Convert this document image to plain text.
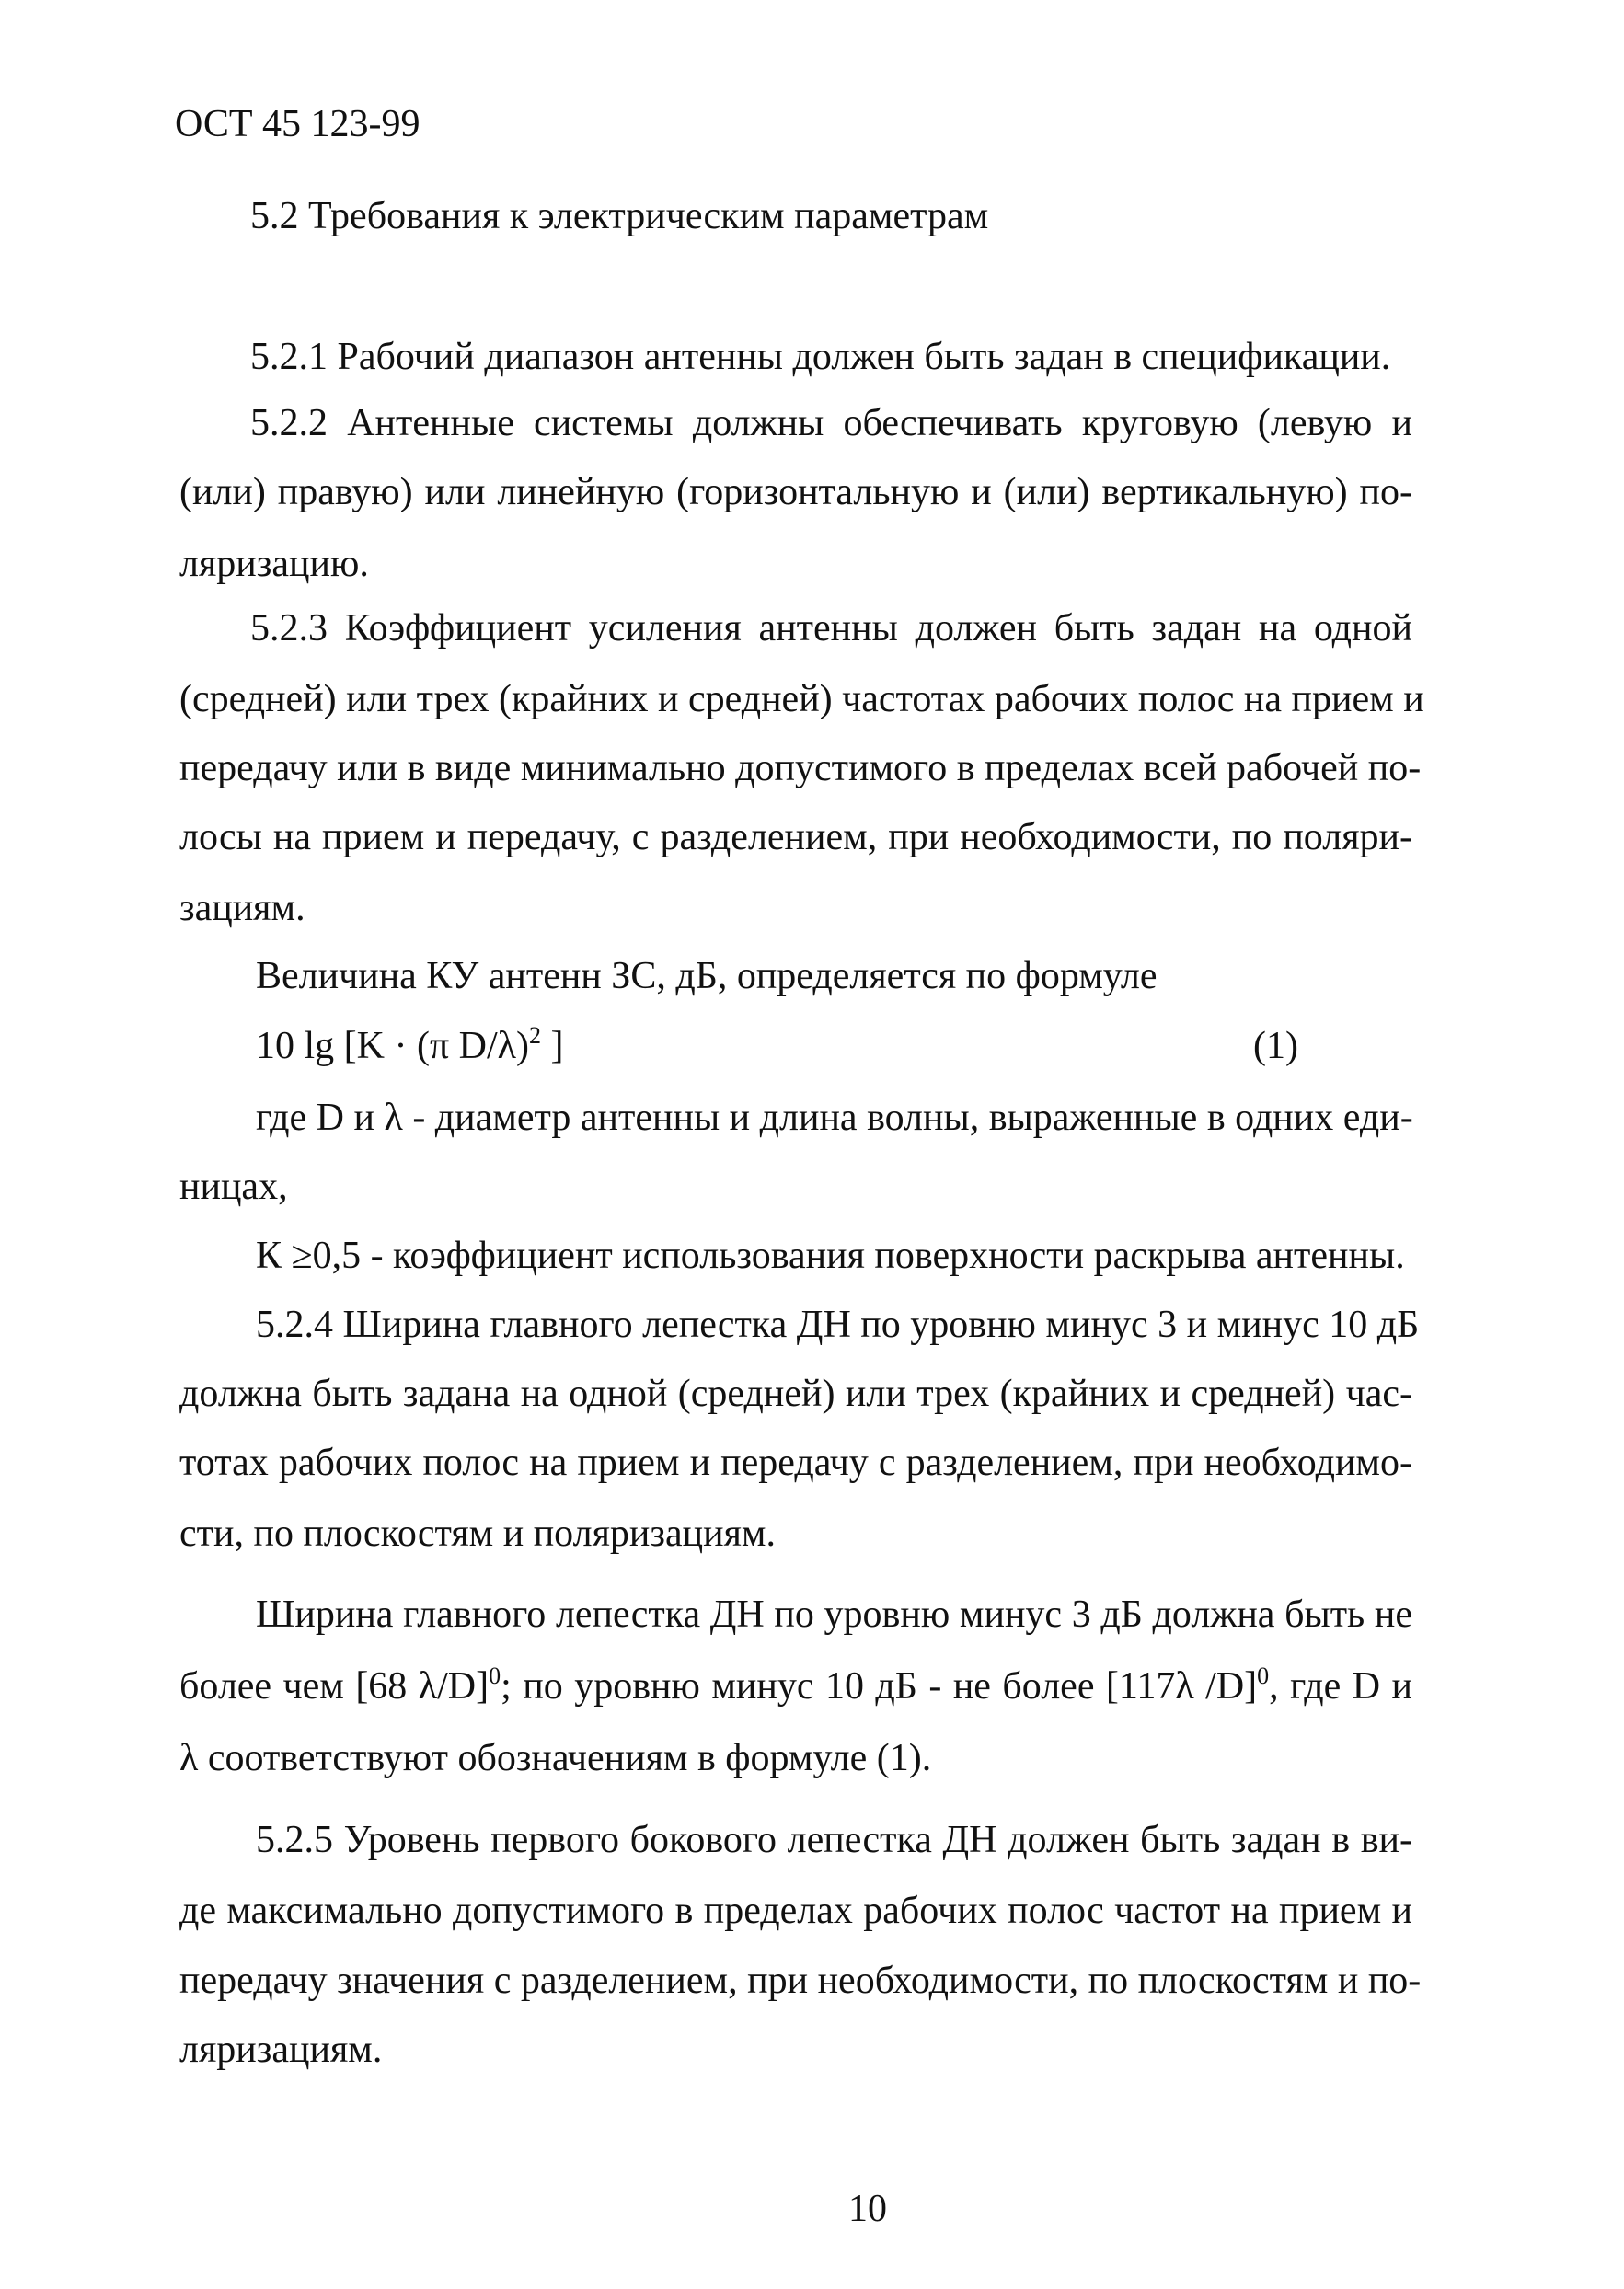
ОСТ 45 123-99
5.2 Требования к электрическим параметрам
5.2.1 Рабочий диапазон антенны должен быть задан в спецификации.
5.2.2 Антенные системы должны обеспечивать круговую (левую и
(или) правую) или линейную (горизонтальную и (или) вертикальную) по-
ляризацию.
5.2.3 Коэффициент усиления антенны должен быть задан на одной
(средней) или трех (крайних и средней) частотах рабочих полос на прием и
передачу или в виде минимально допустимого в пределах всей рабочей по-
лосы на прием и передачу, с разделением, при необходимости, по поляри-
зациям.
Величина КУ антенн ЗС, дБ, определяется по формуле
10 lg [K · (π D/λ)$^2$ ]	(1)
где D и λ - диаметр антенны и длина волны, выраженные в одних еди-
ницах,
К ≥0,5 - коэффициент использования поверхности раскрыва антенны.
5.2.4 Ширина главного лепестка ДН по уровню минус 3 и минус 10 дБ
должна быть задана на одной (средней) или трех (крайних и средней) час-
тотах рабочих полос на прием и передачу с разделением, при необходимо-
сти, по плоскостям и поляризациям.
Ширина главного лепестка ДН по уровню минус 3 дБ должна быть не
более чем [68 λ/D]$^0$; по уровню минус 10 дБ - не более [117λ /D]$^0$, где D и
λ соответствуют обозначениям в формуле (1).
5.2.5 Уровень первого бокового лепестка ДН должен быть задан в ви-
де максимально допустимого в пределах рабочих полос частот на прием и
передачу значения с разделением, при необходимости, по плоскостям и по-
ляризациям.
10
